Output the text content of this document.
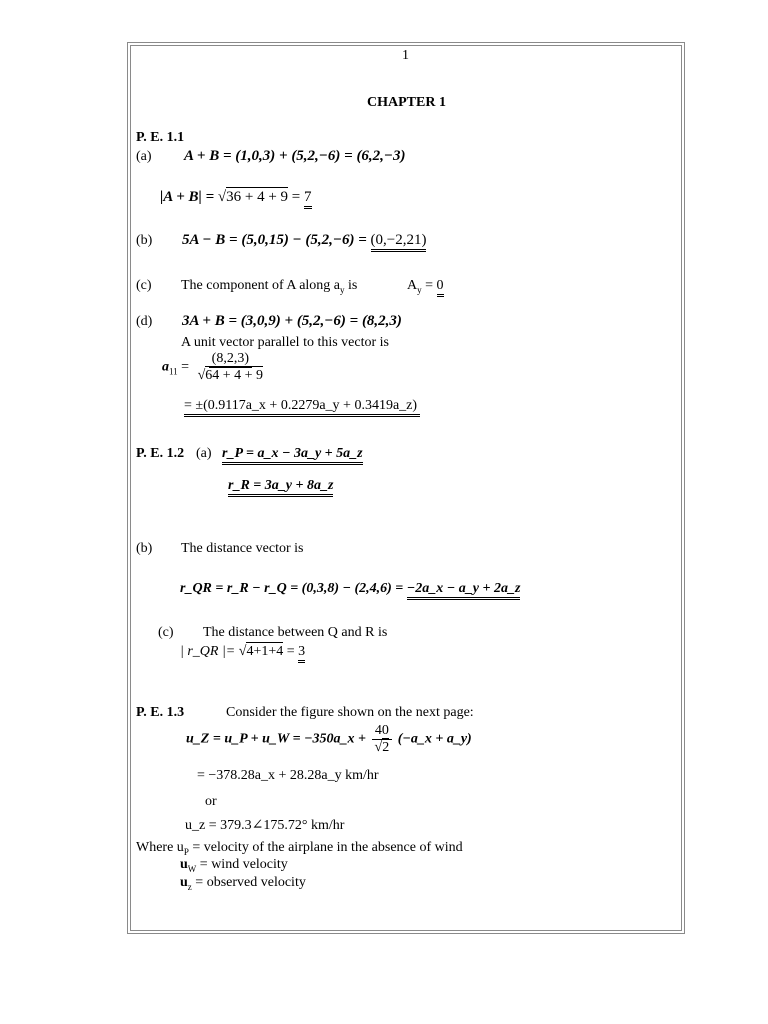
1
CHAPTER 1
P. E. 1.1
(a) A + B = (1,0,3) + (5,2,−6) = (6,2,−3)
|A + B| = √36 + 4 + 9 = 7
(b) 5A − B = (5,0,15) − (5,2,−6) = (0,−2,21)
(c) The component of A along $a_y$ is	$A_y = 0$
(d) 3A + B = (3,0,9) + (5,2,−6) = (8,2,3)
A unit vector parallel to this vector is
$a_{11} = \frac{(8,2,3)}{√64 + 4 + 9}$
= ±(0.9117a_x + 0.2279a_y + 0.3419a_z)
P. E. 1.2 (a) r_P = a_x − 3a_y + 5a_z
r_R = 3a_y + 8a_z
(b) The distance vector is
r_QR = r_R − r_Q = (0,3,8) − (2,4,6) = −2a_x − a_y + 2a_z
(c) The distance between Q and R is
| r_QR |= √4+1+4 = 3
P. E. 1.3	Consider the figure shown on the next page:
u_Z = u_P + u_W = −350a_x + $\frac{40}{√2}$ (−a_x + a_y)
= −378.28a_x + 28.28a_y km/hr
or
u_z = 379.3∠175.72° km/hr
Where $u_P$ = velocity of the airplane in the absence of wind
$u_W$ = wind velocity
$u_z$ = observed velocity
